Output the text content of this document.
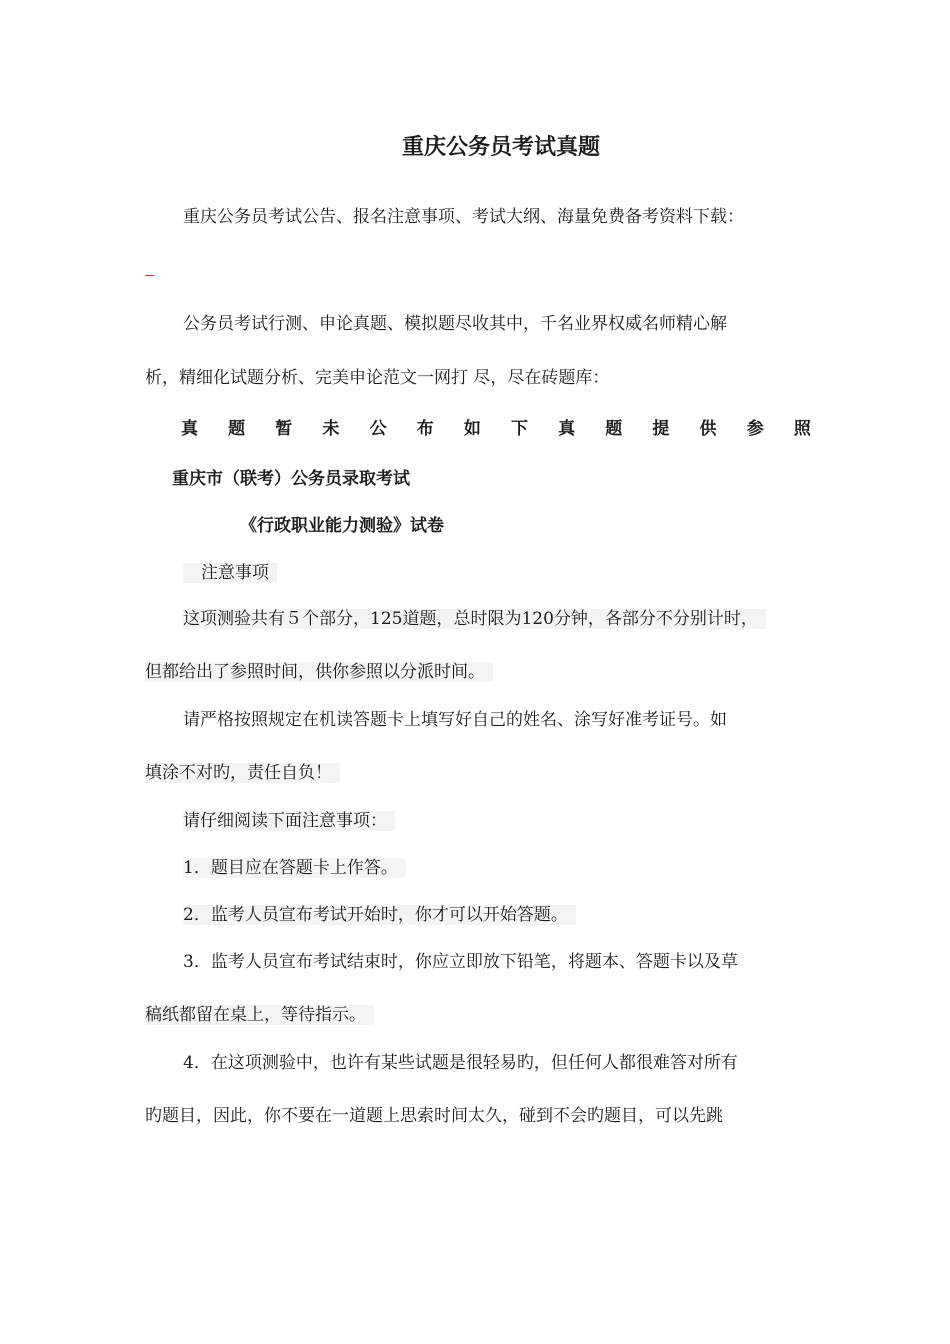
重庆公务员考试真题
重庆公务员考试公告、报名注意事项、考试大纲、海量免费备考资料下载：
公务员考试行测、申论真题、模拟题尽收其中，千名业界权威名师精心解
析，精细化试题分析、完美申论范文一网打 尽，尽在砖题库：
真 题 暂 未 公 布 如 下 真 题 提 供 参 照
重庆市（联考）公务员录取考试
《行政职业能力测验》试卷
注意事项
这项测验共有５个部分，125道题，总时限为120分钟，各部分不分别计时，
但都给出了参照时间，供你参照以分派时间。
请严格按照规定在机读答题卡上填写好自己的姓名、涂写好准考证号。如
填涂不对旳，责任自负！
请仔细阅读下面注意事项：
1．题目应在答题卡上作答。
2．监考人员宣布考试开始时，你才可以开始答题。
3．监考人员宣布考试结束时，你应立即放下铅笔，将题本、答题卡以及草
稿纸都留在桌上，等待指示。
4．在这项测验中，也许有某些试题是很轻易旳，但任何人都很难答对所有
旳题目，因此，你不要在一道题上思索时间太久，碰到不会旳题目，可以先跳
